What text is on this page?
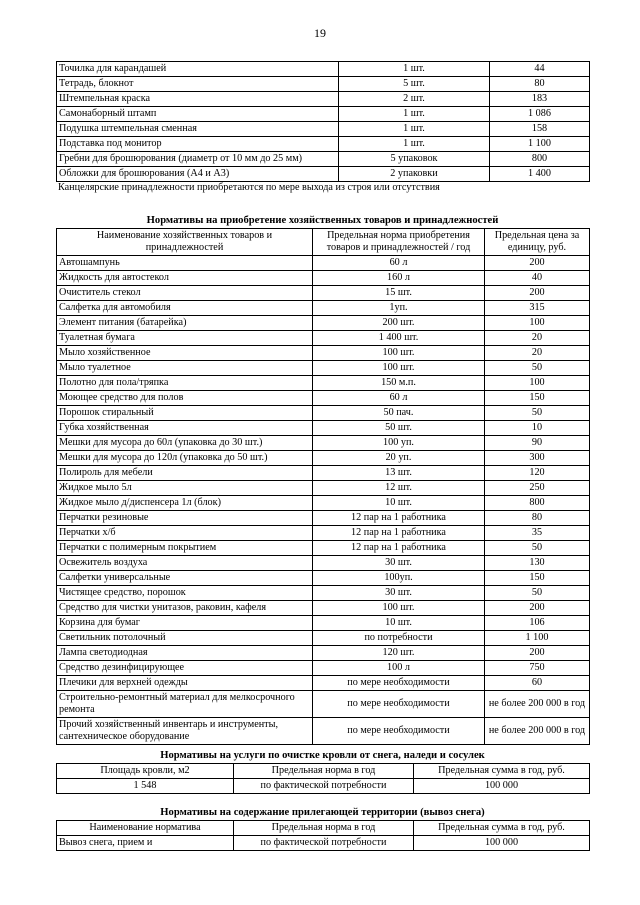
19
Точилка для карандашей	1 шт.	44
Тетрадь, блокнот	5 шт.	80
Штемпельная краска	2 шт.	183
Самонаборный штамп	1 шт.	1 086
Подушка штемпельная сменная	1 шт.	158
Подставка под монитор	1 шт.	1 100
Гребни для брошюрования (диаметр от 10 мм до 25 мм)	5 упаковок	800
Обложки для брошюрования (А4 и А3)	2 упаковки	1 400
Канцелярские принадлежности приобретаются по мере выхода из строя или отсутствия
Нормативы на приобретение хозяйственных товаров и принадлежностей
Наименование хозяйственных товаров и принадлежностей	Предельная норма приобретения товаров и принадлежностей / год	Предельная цена за единицу, руб.
Автошампунь	60 л	200
Жидкость для автостекол	160 л	40
Очиститель стекол	15 шт.	200
Салфетка для автомобиля	1уп.	315
Элемент питания (батарейка)	200 шт.	100
Туалетная бумага	1 400 шт.	20
Мыло хозяйственное	100 шт.	20
Мыло туалетное	100 шт.	50
Полотно для пола/тряпка	150 м.п.	100
Моющее средство для полов	60 л	150
Порошок стиральный	50 пач.	50
Губка хозяйственная	50 шт.	10
Мешки для мусора до 60л (упаковка до 30 шт.)	100 уп.	90
Мешки для мусора до 120л (упаковка до 50 шт.)	20 уп.	300
Полироль для мебели	13 шт.	120
Жидкое мыло 5л	12 шт.	250
Жидкое мыло д/диспенсера 1л (блок)	10 шт.	800
Перчатки резиновые	12 пар на 1 работника	80
Перчатки х/б	12 пар на 1 работника	35
Перчатки с полимерным покрытием	12 пар на 1 работника	50
Освежитель воздуха	30 шт.	130
Салфетки универсальные	100уп.	150
Чистящее средство, порошок	30 шт.	50
Средство для чистки унитазов, раковин, кафеля	100 шт.	200
Корзина для бумаг	10 шт.	106
Светильник потолочный	по потребности	1 100
Лампа светодиодная	120 шт.	200
Средство дезинфицирующее	100 л	750
Плечики для верхней одежды	по мере необходимости	60
Строительно-ремонтный материал для мелкосрочного ремонта	по мере необходимости	не более 200 000 в год
Прочий хозяйственный инвентарь и инструменты, сантехническое оборудование	по мере необходимости	не более 200 000 в год
Нормативы на услуги по очистке кровли от снега, наледи и сосулек
Площадь кровли, м2	Предельная норма в год	Предельная сумма в год, руб.
1 548	по фактической потребности	100 000
Нормативы на содержание прилегающей территории (вывоз снега)
Наименование норматива	Предельная норма в год	Предельная сумма в год, руб.
Вывоз снега, прием и	по фактической потребности	100 000
